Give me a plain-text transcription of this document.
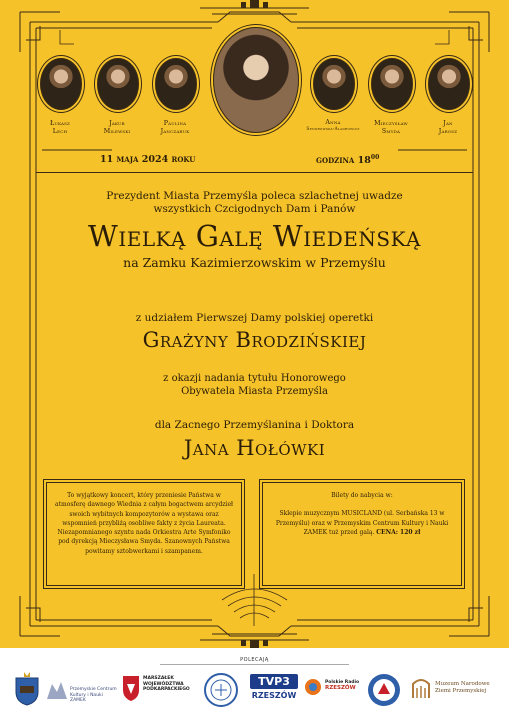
Łukasz
Lech
Jakub
Milewski
Paulina
Janczaruk
Anna
Sendrowska-Aladrowicz
Mieczysław
Smyda
Jan
Jarosz
11 maja 2024 roku	godzina $18^{00}$
Prezydent Miasta Przemyśla poleca szlachetnej uwadze wszystkich Czcigodnych Dam i Panów
Wielką Galę Wiedeńską
na Zamku Kazimierzowskim w Przemyślu
z udziałem Pierwszej Damy polskiej operetki
Grażyny Brodzińskiej
z okazji nadania tytułu Honorowego Obywatela Miasta Przemyśla
dla Zacnego Przemyślanina i Doktora
Jana Hołówki
To wyjątkowy koncert, który przeniesie Państwa w atmosferę dawnego Wiednia z całym bogactwem arcydzieł swoich wybitnych kompozytorów a wystawa oraz wspomnień przybliżą osobliwe fakty z życia Laureata. Niezapomnianego szyntu nada Orkiestra Arte Symfoniko pod dyrekcją Mieczysława Smyda. Szanownych Państwa powitamy sztobwerkami i szampanem.
Bilety do nabycia w:
Sklepie muzycznym MUSICLAND (ul. Serbańska 13 w Przemyślu) oraz w Przemyskim Centrum Kultury i Nauki ZAMEK tuż przed galą. CENA: 120 zł
POLECAJĄ
Przemyskie Centrum Kultury i Nauki ZAMEK
MARSZAŁEK WOJEWÓDZTWA PODKARPACKIEGO
TVP3
RZESZÓW
Polskie Radio
RZESZÓW
Muzeum Narodowe Ziemi Przemyskiej
